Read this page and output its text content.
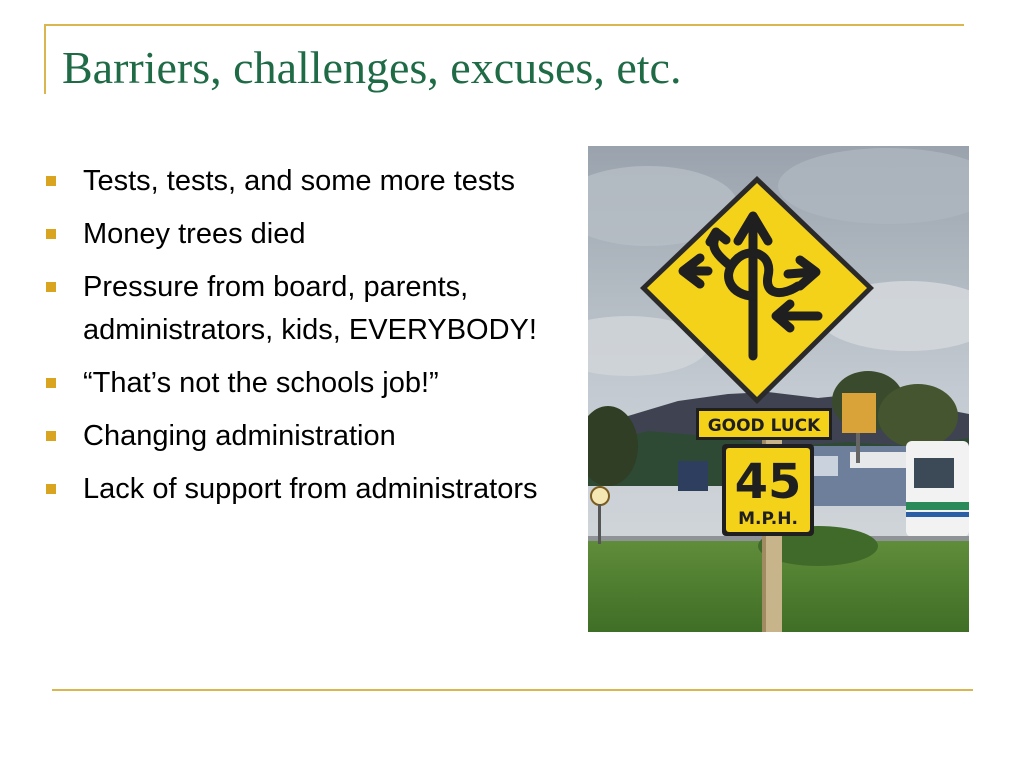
Barriers, challenges, excuses, etc.
Tests, tests, and some more tests
Money trees died
Pressure from board, parents, administrators, kids, EVERYBODY!
“That’s not the schools job!”
Changing administration
Lack of support from administrators
GOOD LUCK
45
M.P.H.
